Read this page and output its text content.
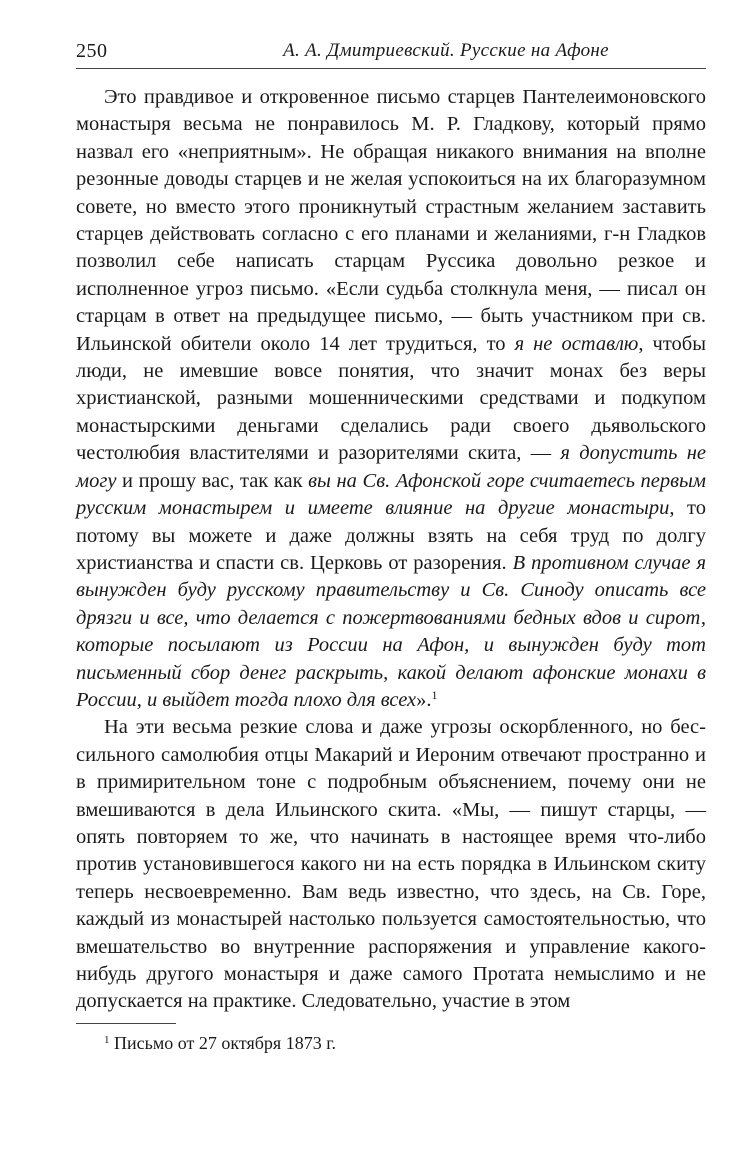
250	А. А. Дмитриевский. Русские на Афоне

Это правдивое и откровенное письмо старцев Пантелеимоновского монастыря весьма не понравилось М. Р. Гладкову, который прямо назвал его «неприятным». Не обращая никакого внимания на вполне резонные доводы старцев и не желая успокоиться на их благоразумном совете, но вместо этого проникнутый страстным желанием заставить старцев действовать согласно с его планами и желаниями, г-н Гладков позволил себе написать старцам Руссика довольно резкое и исполненное угроз письмо. «Если судьба столкнула меня, — писал он старцам в ответ на предыдущее письмо, — быть участником при св. Ильинской обители около 14 лет трудиться, то я не оставлю, чтобы люди, не имевшие вовсе понятия, что значит монах без веры христианской, разными мошенническими средствами и подкупом монастырскими деньгами сделались ради своего дьявольского честолюбия властителями и разорителями скита, — я допустить не могу и прошу вас, так как вы на Св. Афонской горе считаетесь первым русским монастырем и имеете влияние на другие монастыри, то потому вы можете и даже должны взять на себя труд по долгу христианства и спасти св. Церковь от разорения. В противном случае я вынужден буду русскому правительству и Св. Синоду описать все дрязги и все, что делается с пожертвованиями бедных вдов и сирот, которые посылают из России на Афон, и вынужден буду тот письменный сбор денег раскрыть, какой делают афонские монахи в России, и выйдет тогда плохо для всех».$^1$

На эти весьма резкие слова и даже угрозы оскорбленного, но бессильного самолюбия отцы Макарий и Иероним отвечают пространно и в примирительном тоне с подробным объяснением, почему они не вмешиваются в дела Ильинского скита. «Мы, — пишут старцы, — опять повторяем то же, что начинать в настоящее время что-либо против установившегося какого ни на есть порядка в Ильинском скиту теперь несвоевременно. Вам ведь известно, что здесь, на Св. Горе, каждый из монастырей настолько пользуется самостоятельностью, что вмешательство во внутренние распоряжения и управление какого-нибудь другого монастыря и даже самого Протата немыслимо и не допускается на практике. Следовательно, участие в этом

$^1$ Письмо от 27 октября 1873 г.
